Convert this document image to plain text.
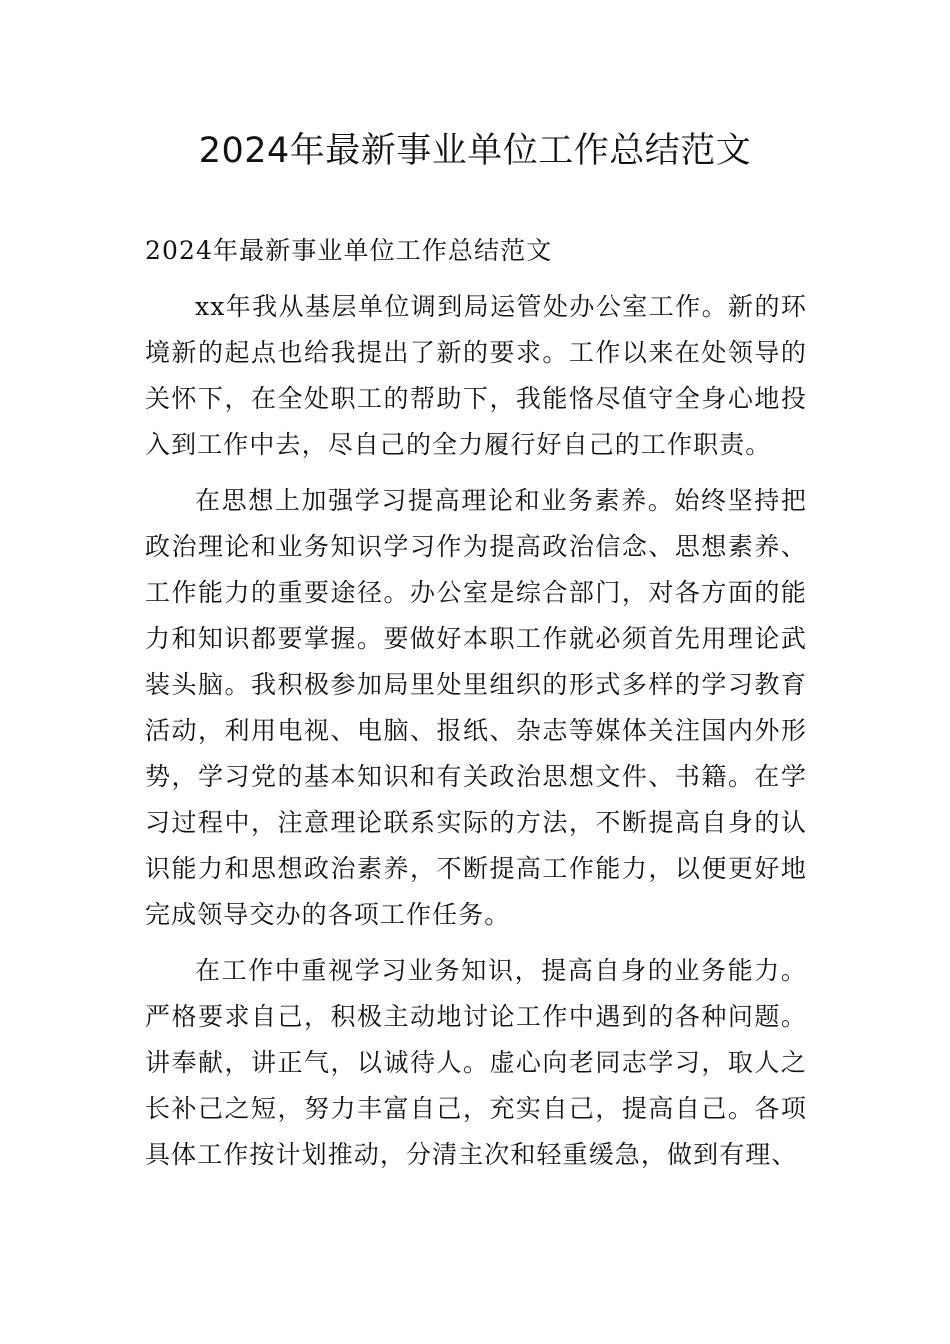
2024年最新事业单位工作总结范文

2024年最新事业单位工作总结范文

xx年我从基层单位调到局运管处办公室工作。新的环境新的起点也给我提出了新的要求。工作以来在处领导的关怀下，在全处职工的帮助下，我能恪尽值守全身心地投入到工作中去，尽自己的全力履行好自己的工作职责。

在思想上加强学习提高理论和业务素养。始终坚持把政治理论和业务知识学习作为提高政治信念、思想素养、工作能力的重要途径。办公室是综合部门，对各方面的能力和知识都要掌握。要做好本职工作就必须首先用理论武装头脑。我积极参加局里处里组织的形式多样的学习教育活动，利用电视、电脑、报纸、杂志等媒体关注国内外形势，学习党的基本知识和有关政治思想文件、书籍。在学习过程中，注意理论联系实际的方法，不断提高自身的认识能力和思想政治素养，不断提高工作能力，以便更好地完成领导交办的各项工作任务。

在工作中重视学习业务知识，提高自身的业务能力。严格要求自己，积极主动地讨论工作中遇到的各种问题。讲奉献，讲正气，以诚待人。虚心向老同志学习，取人之长补己之短，努力丰富自己，充实自己，提高自己。各项具体工作按计划推动，分清主次和轻重缓急，做到有理、
